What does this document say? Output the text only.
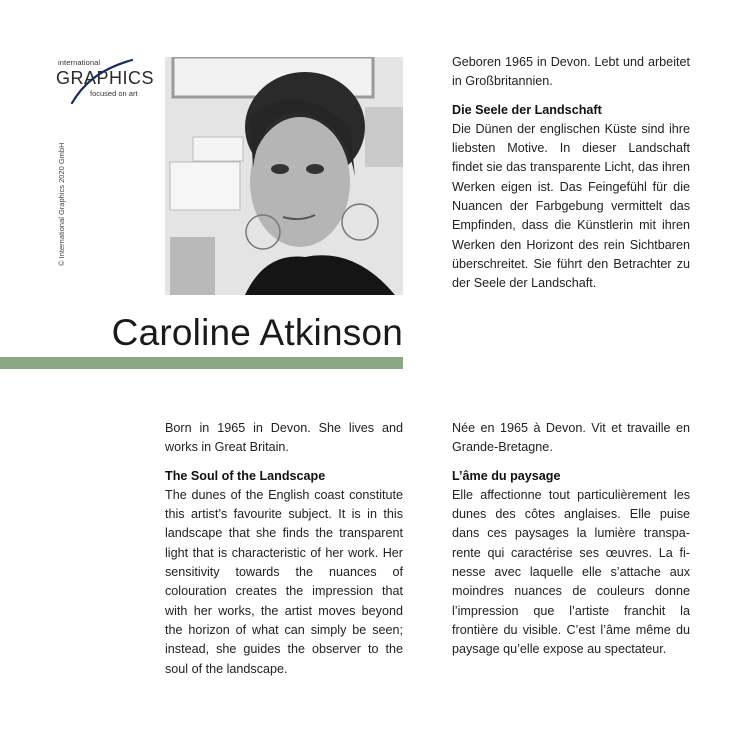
international
GRAPHICS
focused on art
© International Graphics 2020 GmbH
Caroline Atkinson

Geboren 1965 in Devon. Lebt und arbeitet in Großbritannien.

Die Seele der Landschaft

Die Dünen der englischen Küste sind ihre liebsten Motive. In dieser Landschaft findet sie das transparente Licht, das ihren Werken eigen ist. Das Feingefühl für die Nuancen der Farbgebung vermittelt das Empfinden, dass die Künstlerin mit ihren Werken den Horizont des rein Sichtbaren überschreitet. Sie führt den Betrachter zu der Seele der Landschaft.

Born in 1965 in Devon. She lives and works in Great Britain.

The Soul of the Landscape

The dunes of the English coast constitute this artist’s favourite subject. It is in this landscape that she finds the transparent light that is characteristic of her work. Her sensitivity towards the nuances of colouration creates the impression that with her works, the artist moves beyond the horizon of what can simply be seen; instead, she guides the observer to the soul of the landscape.

Née en 1965 à Devon. Vit et travaille en Grande-Bretagne.

L’âme du paysage

Elle affectionne tout particulièrement les dunes des côtes anglaises. Elle puise dans ces paysages la lumière transparente qui caractérise ses œuvres. La finesse avec laquelle elle s’attache aux moindres nuances de couleurs donne l’impression que l’artiste franchit la frontière du visible. C’est l’âme même du paysage qu’elle expose au spectateur.
